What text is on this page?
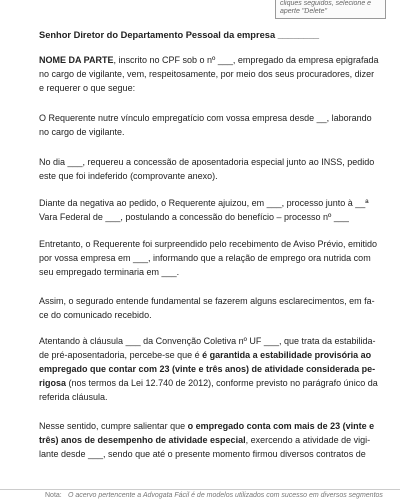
cliques seguidos, selecione e
aperte "Delete"
Senhor Diretor do Departamento Pessoal da empresa ________

NOME DA PARTE, inscrito no CPF sob o nº ___, empregado da empresa epigrafada
no cargo de vigilante, vem, respeitosamente, por meio dos seus procuradores, dizer
e requerer o que segue:

O Requerente nutre vínculo empregatício com vossa empresa desde __, laborando
no cargo de vigilante.

No dia ___, requereu a concessão de aposentadoria especial junto ao INSS, pedido
este que foi indeferido (comprovante anexo).

Diante da negativa ao pedido, o Requerente ajuizou, em ___, processo junto à __ª
Vara Federal de ___, postulando a concessão do benefício – processo nº ___

Entretanto, o Requerente foi surpreendido pelo recebimento de Aviso Prévio, emitido
por vossa empresa em ___, informando que a relação de emprego ora nutrida com
seu empregado terminaria em ___.

Assim, o segurado entende fundamental se fazerem alguns esclarecimentos, em fa-
ce do comunicado recebido.

Atentando à cláusula ___ da Convenção Coletiva nº UF ___, que trata da estabilida-
de pré-aposentadoria, percebe-se que é é garantida a estabilidade provisória ao
empregado que contar com 23 (vinte e três anos) de atividade considerada pe-
rigosa (nos termos da Lei 12.740 de 2012), conforme previsto no parágrafo único da
referida cláusula.

Nesse sentido, cumpre salientar que o empregado conta com mais de 23 (vinte e
três) anos de desempenho de atividade especial, exercendo a atividade de vigi-
lante desde ___, sendo que até o presente momento firmou diversos contratos de

Nota: O acervo pertencente a Advogata Fácil é de modelos utilizados com sucesso em diversos segmentos
